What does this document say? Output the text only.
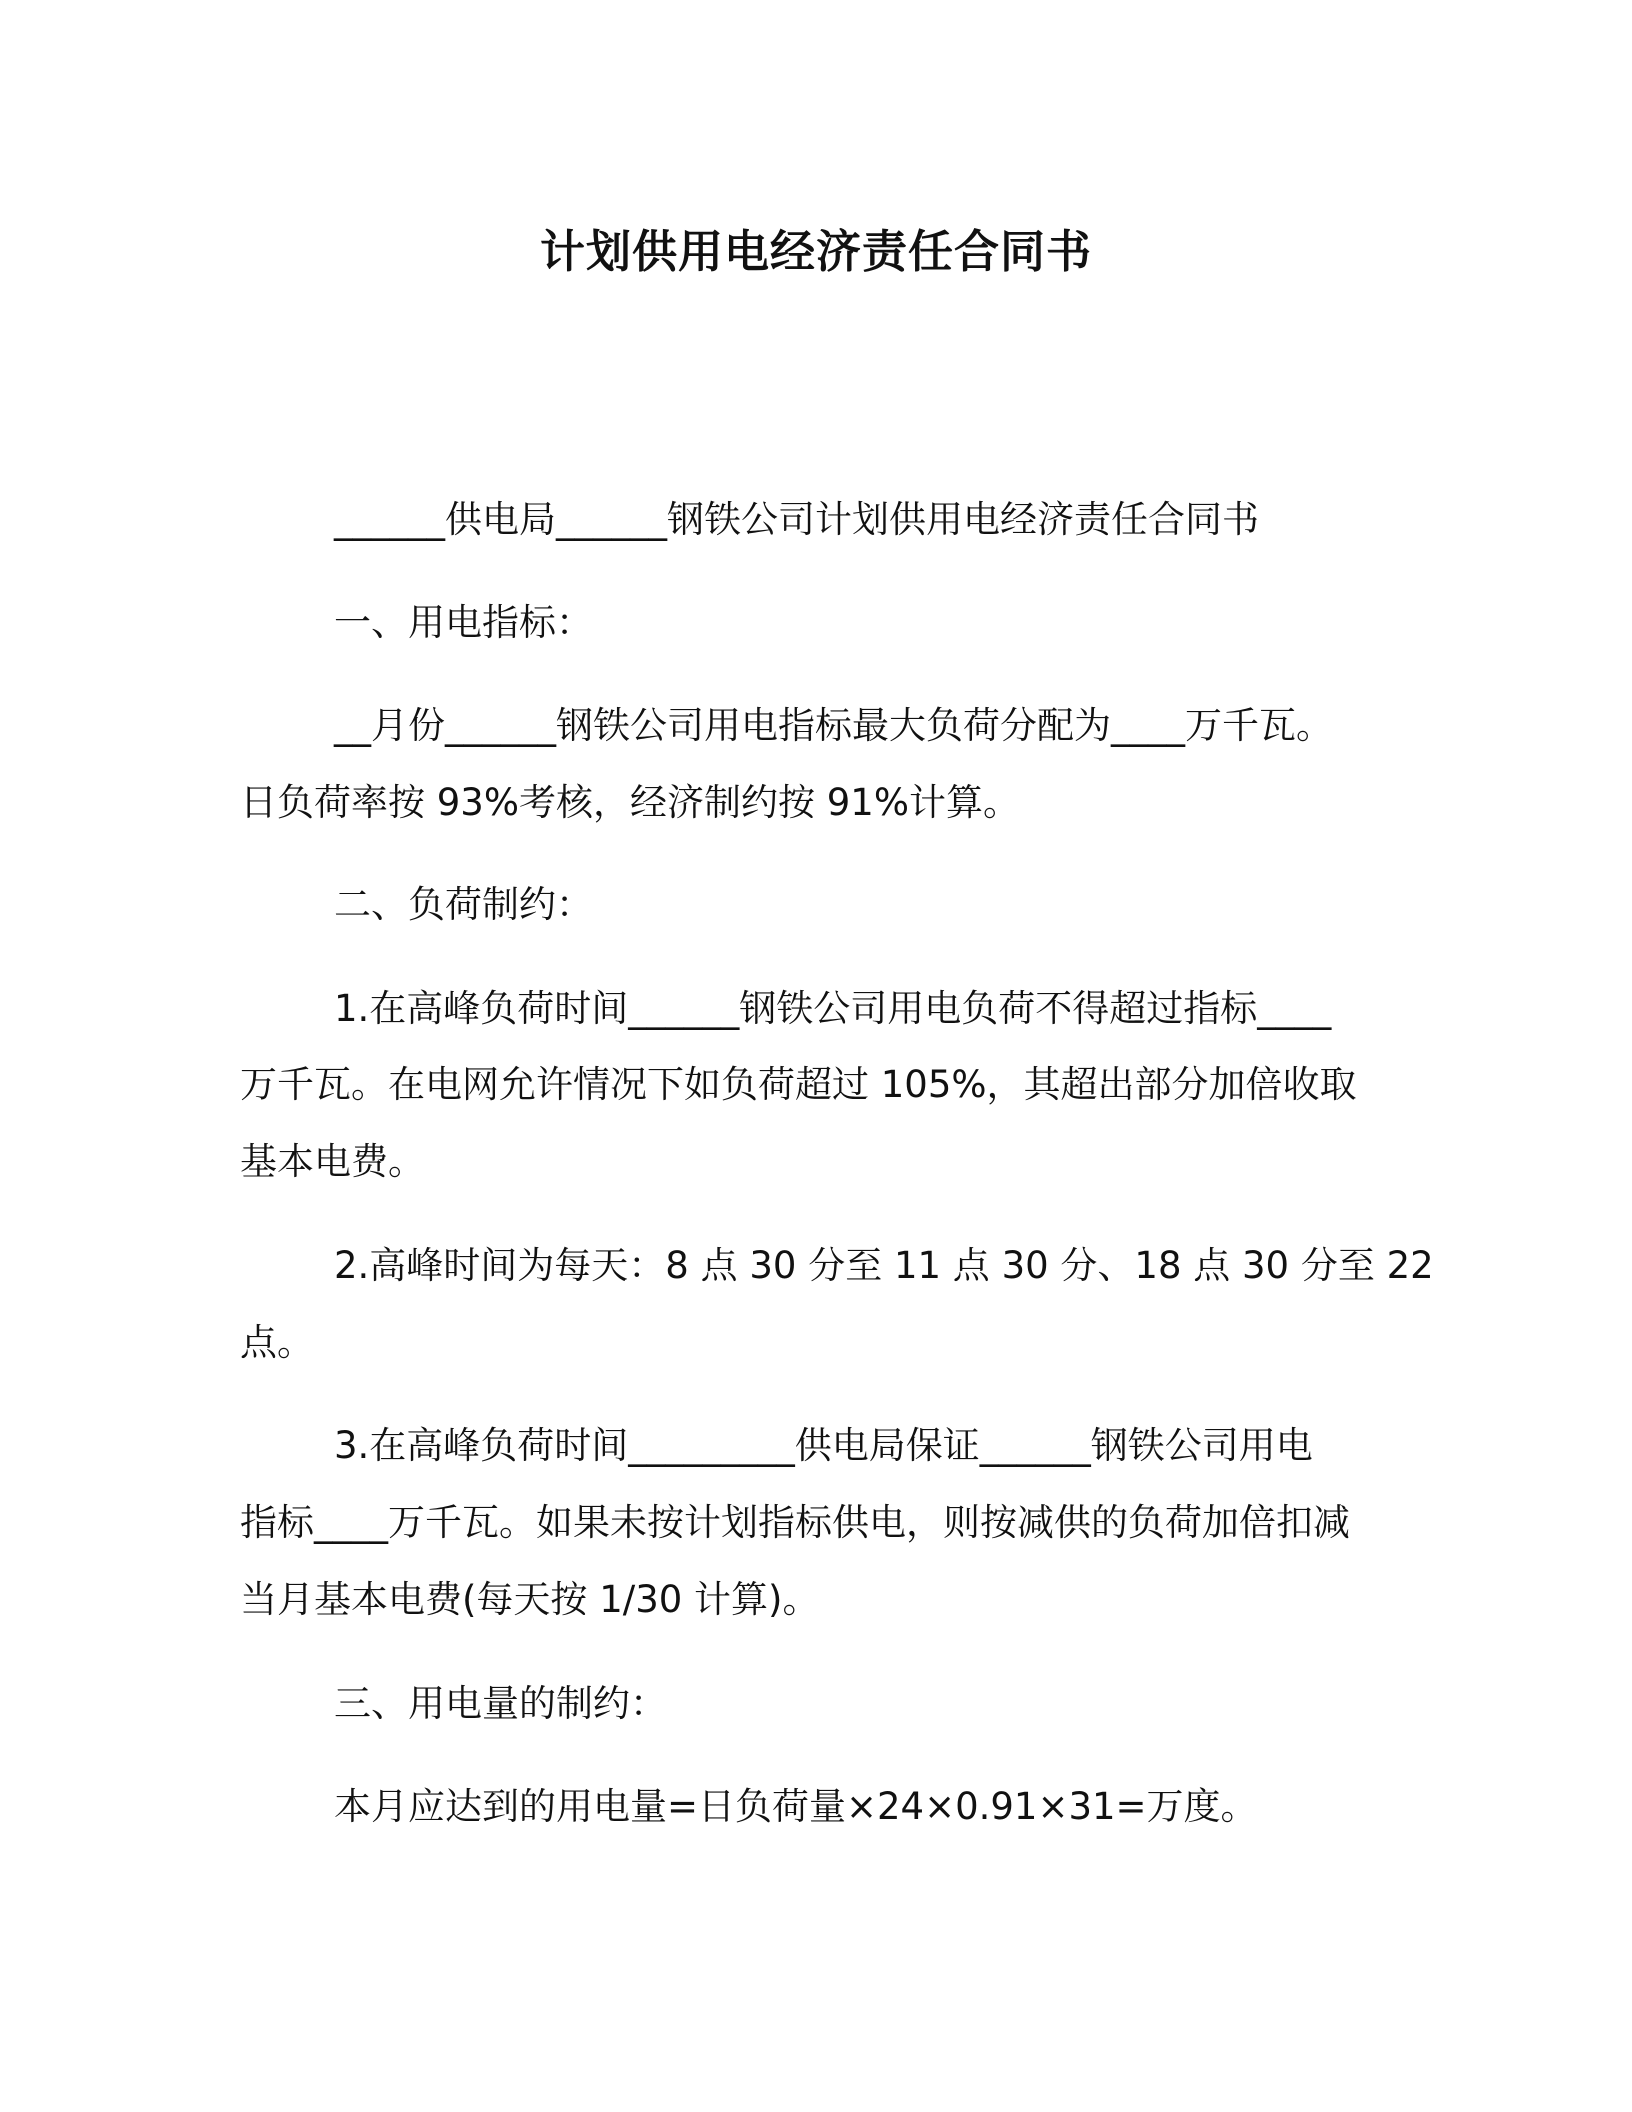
计划供用电经济责任合同书
______供电局______钢铁公司计划供用电经济责任合同书
一、用电指标：
__月份______钢铁公司用电指标最大负荷分配为____万千瓦。
日负荷率按 93%考核，经济制约按 91%计算。
二、负荷制约：
1.在高峰负荷时间______钢铁公司用电负荷不得超过指标____
万千瓦。在电网允许情况下如负荷超过 105%，其超出部分加倍收取
基本电费。
2.高峰时间为每天：8 点 30 分至 11 点 30 分、18 点 30 分至 22
点。
3.在高峰负荷时间_________供电局保证______钢铁公司用电
指标____万千瓦。如果未按计划指标供电，则按减供的负荷加倍扣减
当月基本电费(每天按 1/30 计算)。
三、用电量的制约：
本月应达到的用电量=日负荷量×24×0.91×31=万度。
